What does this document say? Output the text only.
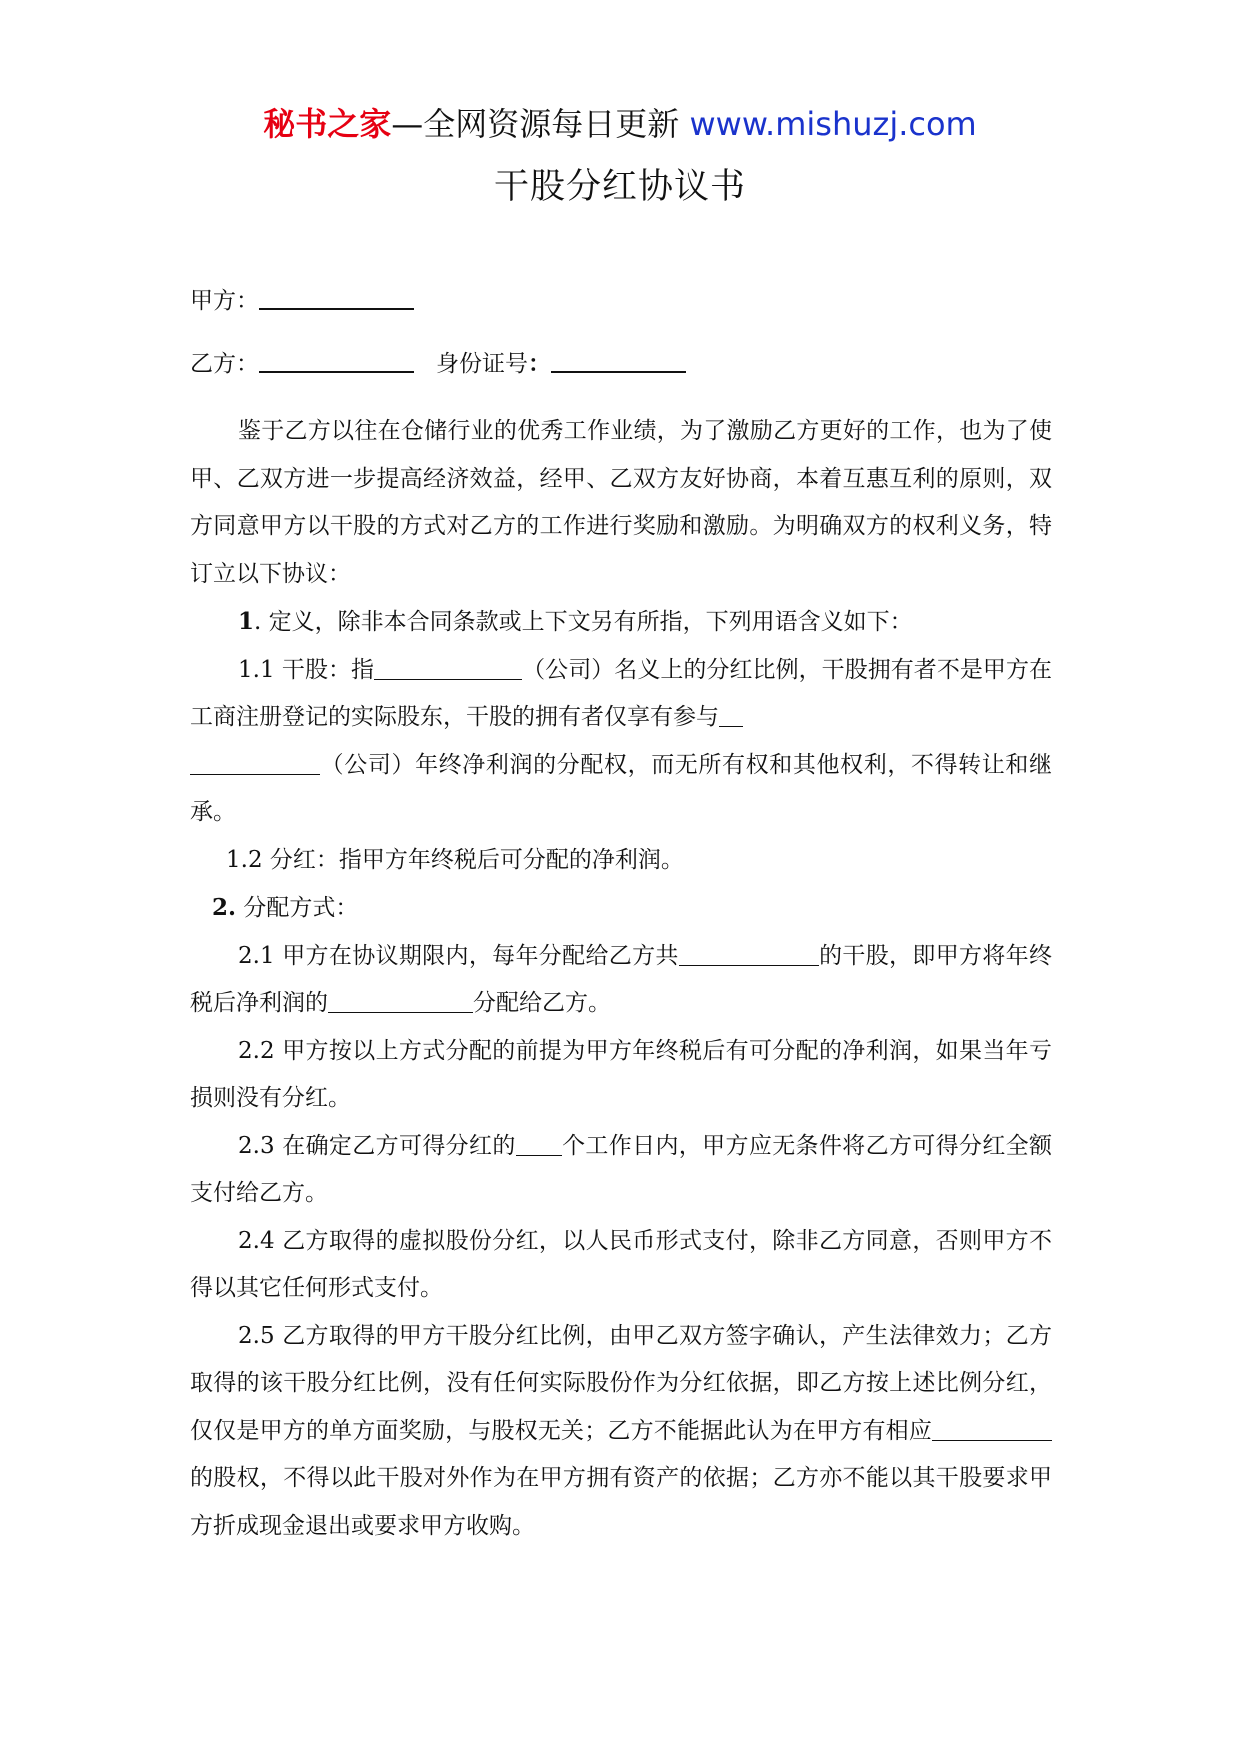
秘书之家—全网资源每日更新 www.mishuzj.com
干股分红协议书
甲方：
乙方：	身份证号：

鉴于乙方以往在仓储行业的优秀工作业绩，为了激励乙方更好的工作，也为了使甲、乙双方进一步提高经济效益，经甲、乙双方友好协商，本着互惠互利的原则，双方同意甲方以干股的方式对乙方的工作进行奖励和激励。为明确双方的权利义务，特订立以下协议：

1. 定义，除非本合同条款或上下文另有所指，下列用语含义如下：

1.1 干股：指	（公司）名义上的分红比例，干股拥有者不是甲方在工商注册登记的实际股东，干股的拥有者仅享有参与
（公司）年终净利润的分配权，而无所有权和其他权利，不得转让和继承。

1.2 分红：指甲方年终税后可分配的净利润。

2. 分配方式：

2.1 甲方在协议期限内，每年分配给乙方共	的干股，即甲方将年终税后净利润的	分配给乙方。

2.2 甲方按以上方式分配的前提为甲方年终税后有可分配的净利润，如果当年亏损则没有分红。

2.3 在确定乙方可得分红的 个工作日内，甲方应无条件将乙方可得分红全额支付给乙方。

2.4 乙方取得的虚拟股份分红，以人民币形式支付，除非乙方同意，否则甲方不得以其它任何形式支付。

2.5 乙方取得的甲方干股分红比例，由甲乙双方签字确认，产生法律效力；乙方取得的该干股分红比例，没有任何实际股份作为分红依据，即乙方按上述比例分红，仅仅是甲方的单方面奖励，与股权无关；乙方不能据此认为在甲方有相应的股权，不得以此干股对外作为在甲方拥有资产的依据；乙方亦不能以其干股要求甲方折成现金退出或要求甲方收购。
